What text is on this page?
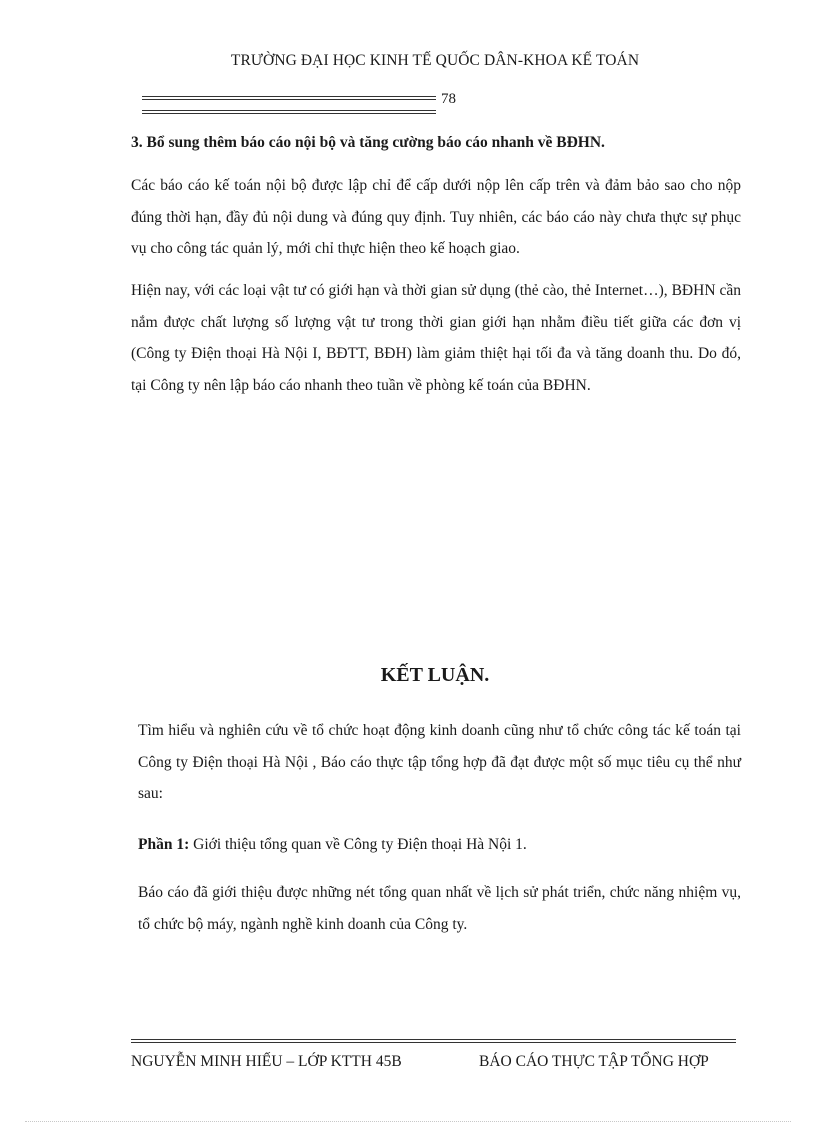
TRƯỜNG ĐẠI HỌC KINH TẾ QUỐC DÂN-KHOA KẾ TOÁN
78
3. Bổ sung thêm báo cáo nội bộ và tăng cường báo cáo nhanh về BĐHN.

Các báo cáo kế toán nội bộ được lập chỉ để cấp dưới nộp lên cấp trên và đảm bảo sao cho nộp đúng thời hạn, đầy đủ nội dung và đúng quy định. Tuy nhiên, các báo cáo này chưa thực sự phục vụ cho công tác quản lý, mới chỉ thực hiện theo kế hoạch giao.

Hiện nay, với các loại vật tư có giới hạn và thời gian sử dụng (thẻ cào, thẻ Internet…), BĐHN cần nắm được chất lượng số lượng vật tư trong thời gian giới hạn nhằm điều tiết giữa các đơn vị (Công ty Điện thoại Hà Nội I, BĐTT, BĐH) làm giảm thiệt hại tối đa và tăng doanh thu. Do đó, tại Công ty nên lập báo cáo nhanh theo tuần về phòng kế toán của BĐHN.

KẾT LUẬN.

Tìm hiểu và nghiên cứu về tổ chức hoạt động kinh doanh cũng như tổ chức công tác kế toán tại Công ty Điện thoại Hà Nội , Báo cáo thực tập tổng hợp đã đạt được một số mục tiêu cụ thể như sau:

Phần 1: Giới thiệu tổng quan về Công ty Điện thoại Hà Nội 1.

Báo cáo đã giới thiệu được những nét tổng quan nhất về lịch sử phát triển, chức năng nhiệm vụ, tổ chức bộ máy, ngành nghề kinh doanh của Công ty.

NGUYỄN MINH HIẾU – LỚP KTTH 45B	BÁO CÁO THỰC TẬP TỔNG HỢP
